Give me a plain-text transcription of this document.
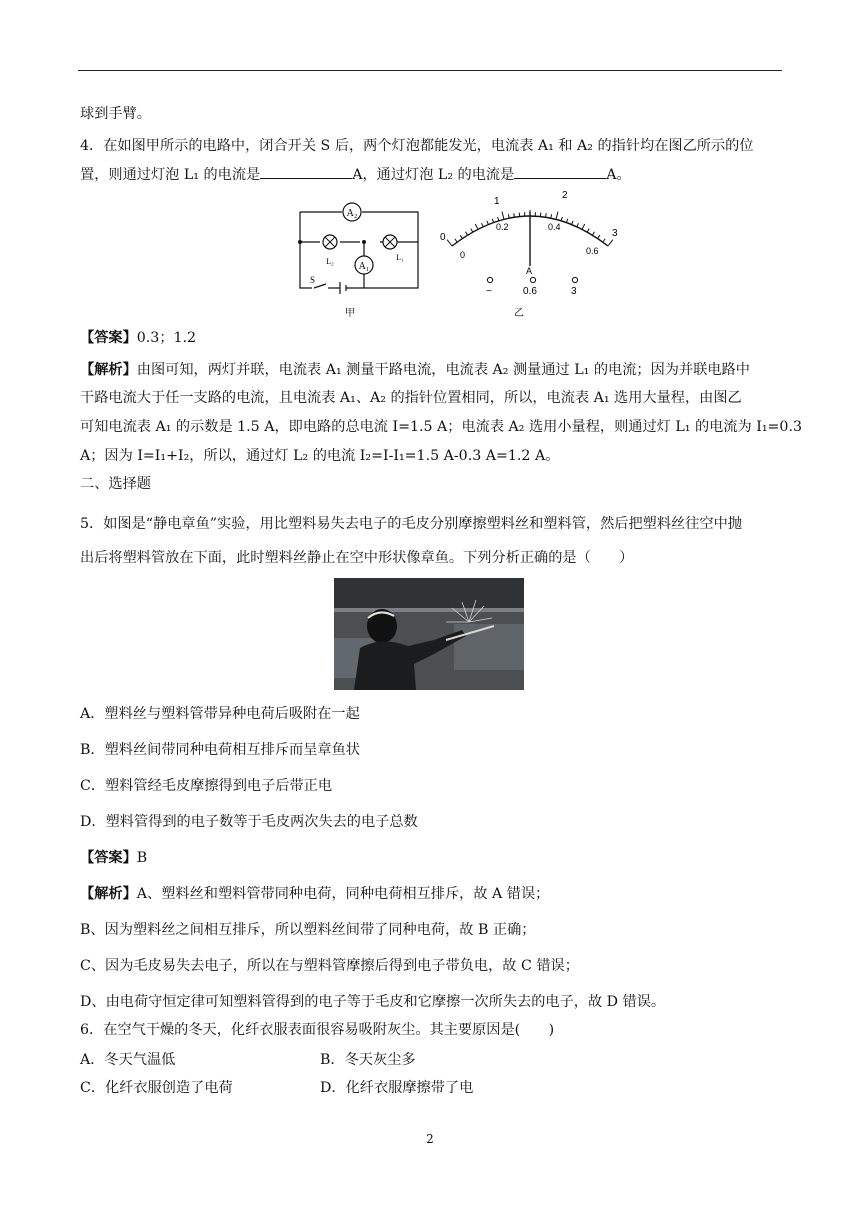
球到手臂。
4．在如图甲所示的电路中，闭合开关 S 后，两个灯泡都能发光，电流表 A₁ 和 A₂ 的指针均在图乙所示的位
置，则通过灯泡 L₁ 的电流是	A，通过灯泡 L₂ 的电流是	A。
A₂
L₂	L₁
A₁
S
甲
0
1
2
3
0
0.2	0.4
0.6
A
−	0.6	3
乙
【答案】0.3；1.2
【解析】由图可知，两灯并联，电流表 A₁ 测量干路电流，电流表 A₂ 测量通过 L₁ 的电流；因为并联电路中
干路电流大于任一支路的电流，且电流表 A₁、A₂ 的指针位置相同，所以，电流表 A₁ 选用大量程，由图乙
可知电流表 A₁ 的示数是 1.5 A，即电路的总电流 I=1.5 A；电流表 A₂ 选用小量程，则通过灯 L₁ 的电流为 I₁=0.3
A；因为 I=I₁+I₂，所以，通过灯 L₂ 的电流 I₂=I-I₁=1.5 A-0.3 A=1.2 A。
二、选择题
5．如图是“静电章鱼”实验，用比塑料易失去电子的毛皮分别摩擦塑料丝和塑料管，然后把塑料丝往空中抛
出后将塑料管放在下面，此时塑料丝静止在空中形状像章鱼。下列分析正确的是（　　）
A．塑料丝与塑料管带异种电荷后吸附在一起
B．塑料丝间带同种电荷相互排斥而呈章鱼状
C．塑料管经毛皮摩擦得到电子后带正电
D．塑料管得到的电子数等于毛皮两次失去的电子总数
【答案】B
【解析】A、塑料丝和塑料管带同种电荷，同种电荷相互排斥，故 A 错误；
B、因为塑料丝之间相互排斥，所以塑料丝间带了同种电荷，故 B 正确；
C、因为毛皮易失去电子，所以在与塑料管摩擦后得到电子带负电，故 C 错误；
D、由电荷守恒定律可知塑料管得到的电子等于毛皮和它摩擦一次所失去的电子，故 D 错误。
6．在空气干燥的冬天，化纤衣服表面很容易吸附灰尘。其主要原因是(　　)
A．冬天气温低	B．冬天灰尘多
C．化纤衣服创造了电荷	D．化纤衣服摩擦带了电
2
